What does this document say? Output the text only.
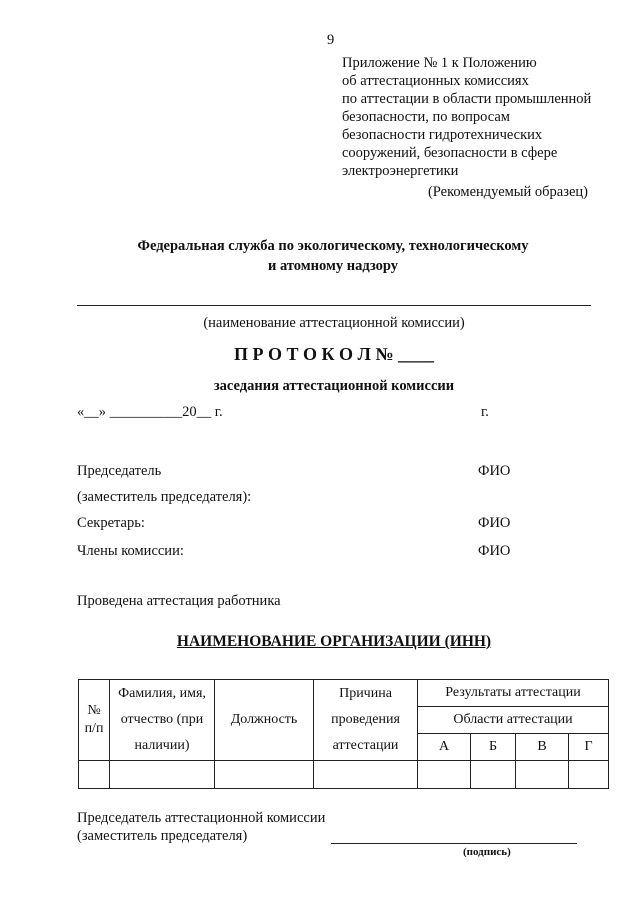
9
Приложение № 1 к Положению
об аттестационных комиссиях
по аттестации в области промышленной
безопасности, по вопросам
безопасности гидротехнических
сооружений, безопасности в сфере
электроэнергетики
(Рекомендуемый образец)
Федеральная служба по экологическому, технологическому
и атомному надзору
(наименование аттестационной комиссии)
П Р О Т О К О Л № ____
заседания аттестационной комиссии
«__» __________20__ г.	г.
Председатель	ФИО
(заместитель председателя):
Секретарь:	ФИО
Члены комиссии:	ФИО
Проведена аттестация работника
НАИМЕНОВАНИЕ ОРГАНИЗАЦИИ (ИНН)
№ п/п	Фамилия, имя, отчество (при наличии)	Должность	Причина проведения аттестации	Результаты аттестации			
				Области аттестации			
				А	Б	В	Г

Председатель аттестационной комиссии
(заместитель председателя)
(подпись)
